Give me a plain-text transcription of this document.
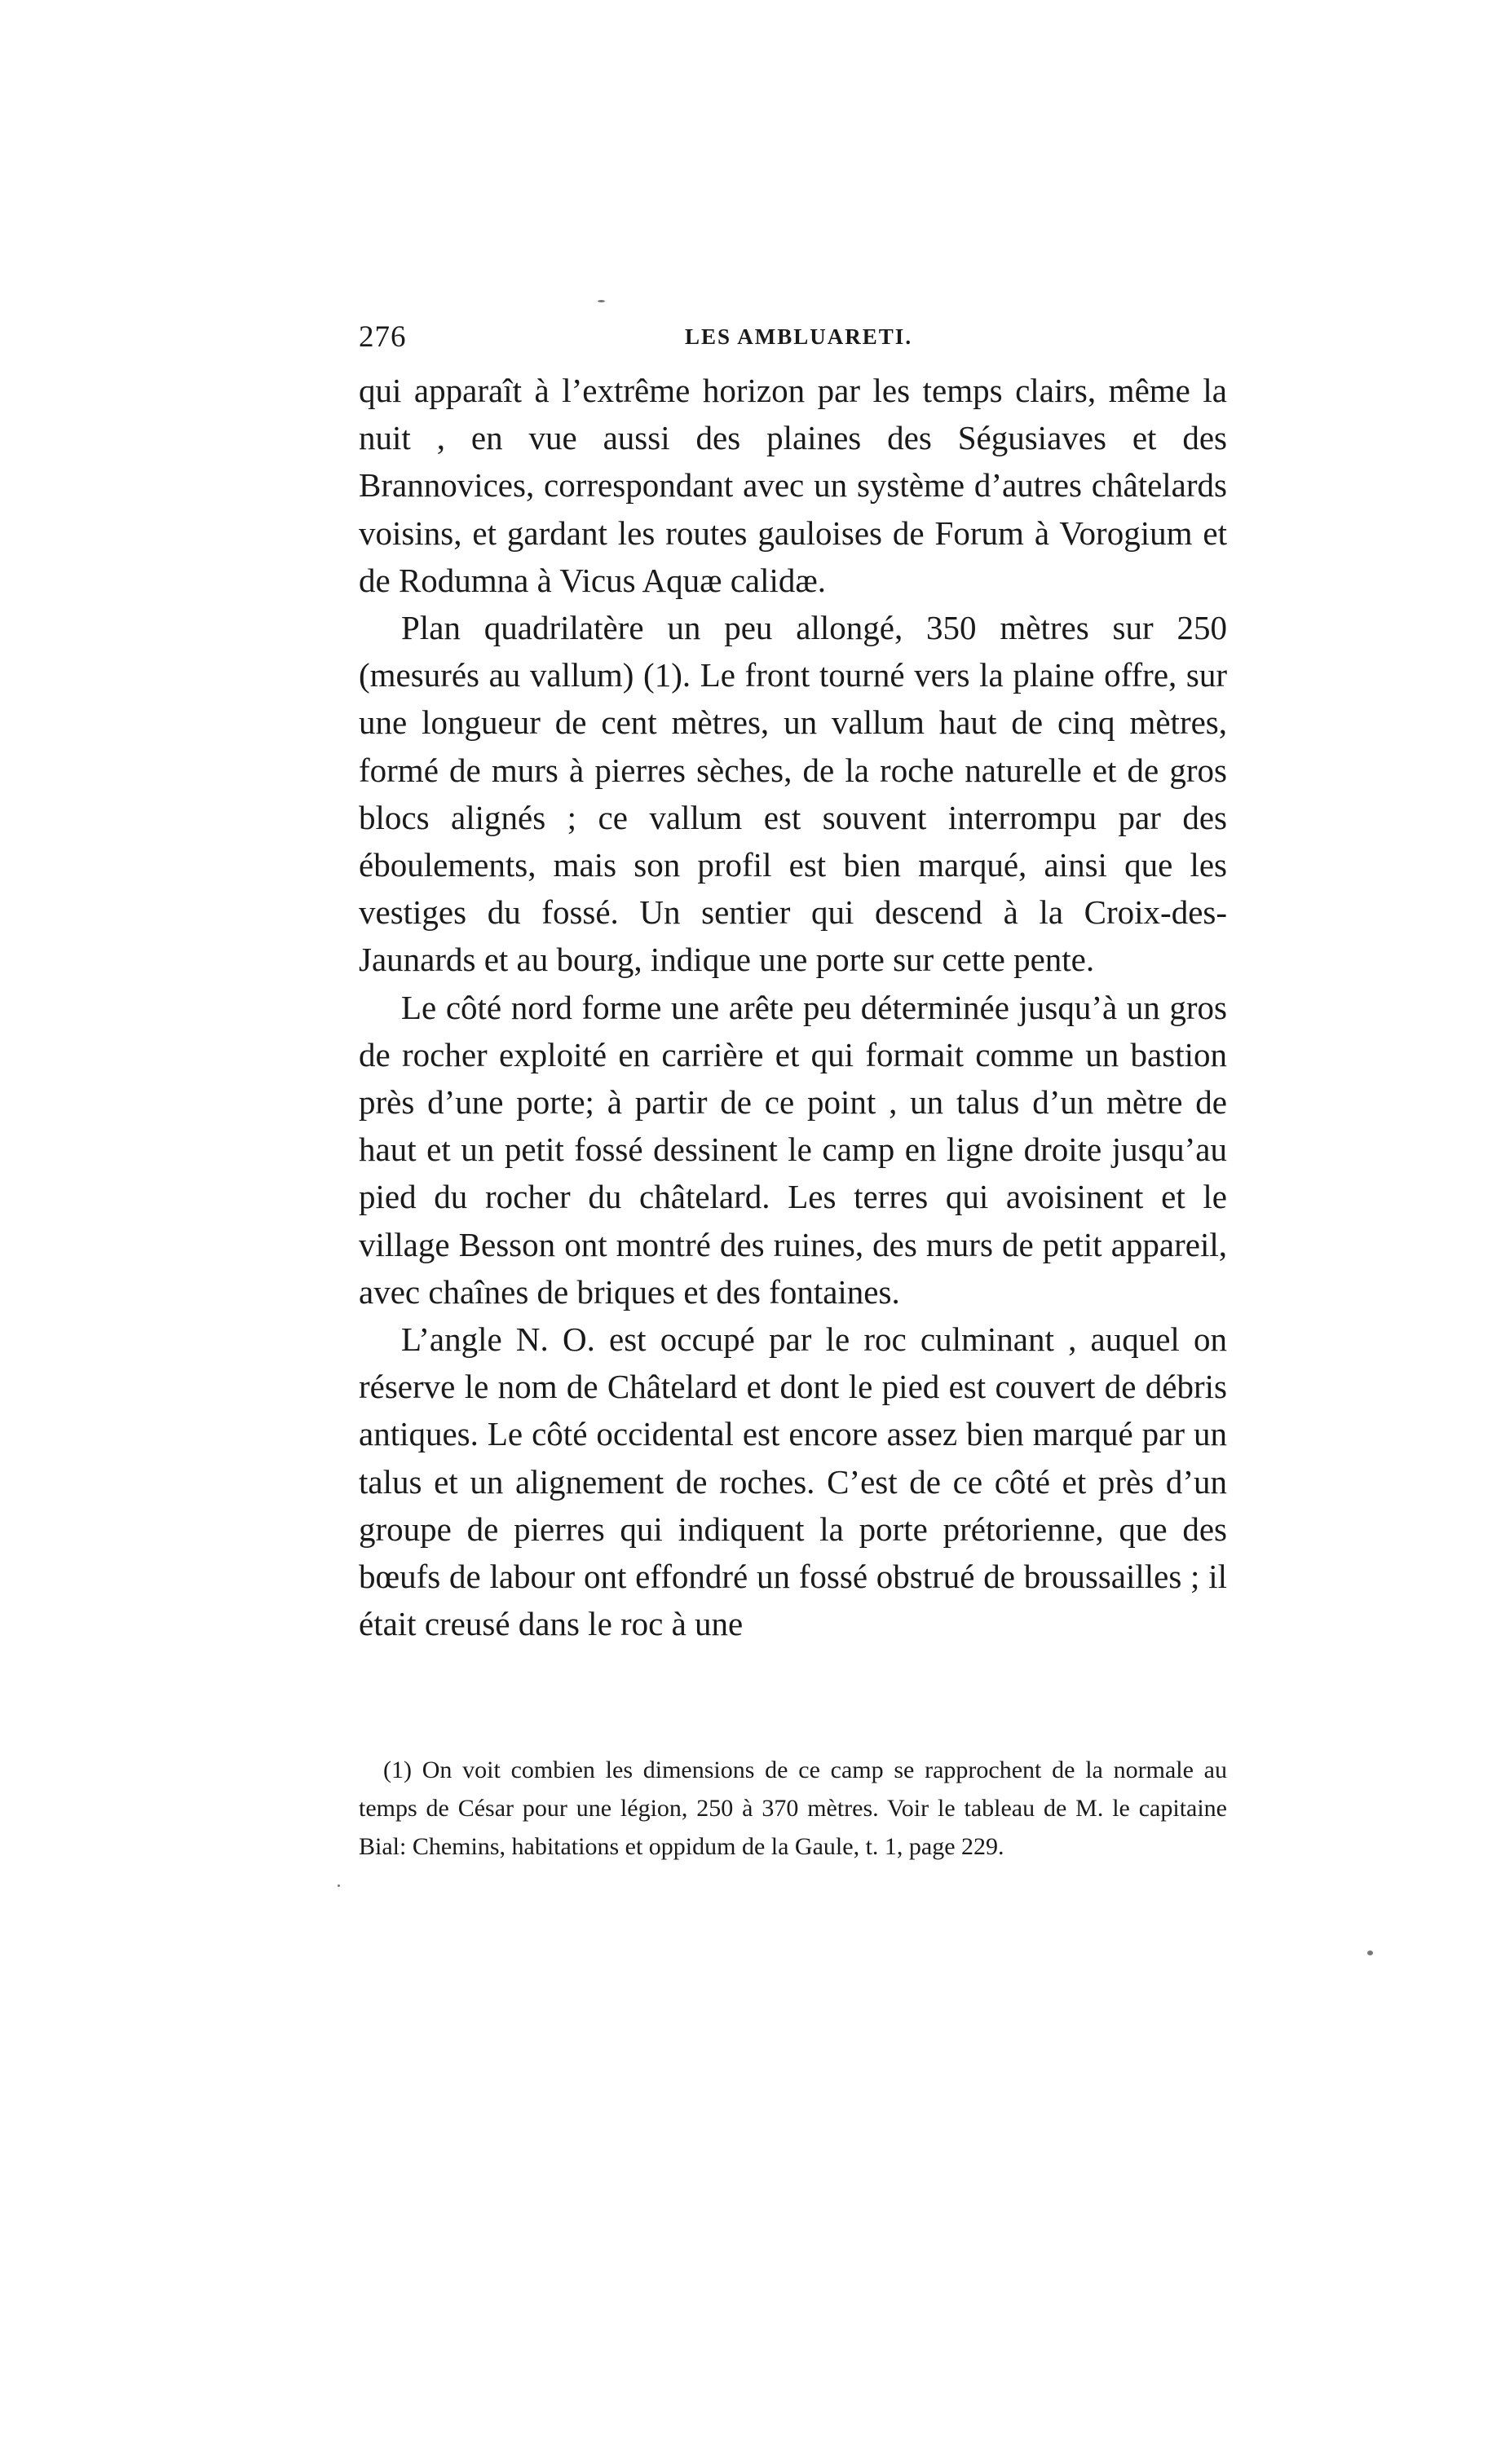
276	LES AMBLUARETI.

qui apparaît à l’extrême horizon par les temps clairs, même la nuit , en vue aussi des plaines des Ségusiaves et des Brannovices, correspondant avec un système d’autres châtelards voisins, et gardant les routes gauloises de Forum à Vorogium et de Rodumna à Vicus Aquæ calidæ.

Plan quadrilatère un peu allongé, 350 mètres sur 250 (mesurés au vallum) (1). Le front tourné vers la plaine offre, sur une longueur de cent mètres, un vallum haut de cinq mètres, formé de murs à pierres sèches, de la roche naturelle et de gros blocs alignés ; ce vallum est souvent interrompu par des éboulements, mais son profil est bien marqué, ainsi que les vestiges du fossé. Un sentier qui descend à la Croix-des-Jaunards et au bourg, indique une porte sur cette pente.

Le côté nord forme une arête peu déterminée jusqu’à un gros de rocher exploité en carrière et qui formait comme un bastion près d’une porte; à partir de ce point , un talus d’un mètre de haut et un petit fossé dessinent le camp en ligne droite jusqu’au pied du rocher du châtelard. Les terres qui avoisinent et le village Besson ont montré des ruines, des murs de petit appareil, avec chaînes de briques et des fontaines.

L’angle N. O. est occupé par le roc culminant , auquel on réserve le nom de Châtelard et dont le pied est couvert de débris antiques. Le côté occidental est encore assez bien marqué par un talus et un alignement de roches. C’est de ce côté et près d’un groupe de pierres qui indiquent la porte prétorienne, que des bœufs de labour ont effondré un fossé obstrué de broussailles ; il était creusé dans le roc à une

(1) On voit combien les dimensions de ce camp se rapprochent de la normale au temps de César pour une légion, 250 à 370 mètres. Voir le tableau de M. le capitaine Bial: Chemins, habitations et oppidum de la Gaule, t. 1, page 229.
